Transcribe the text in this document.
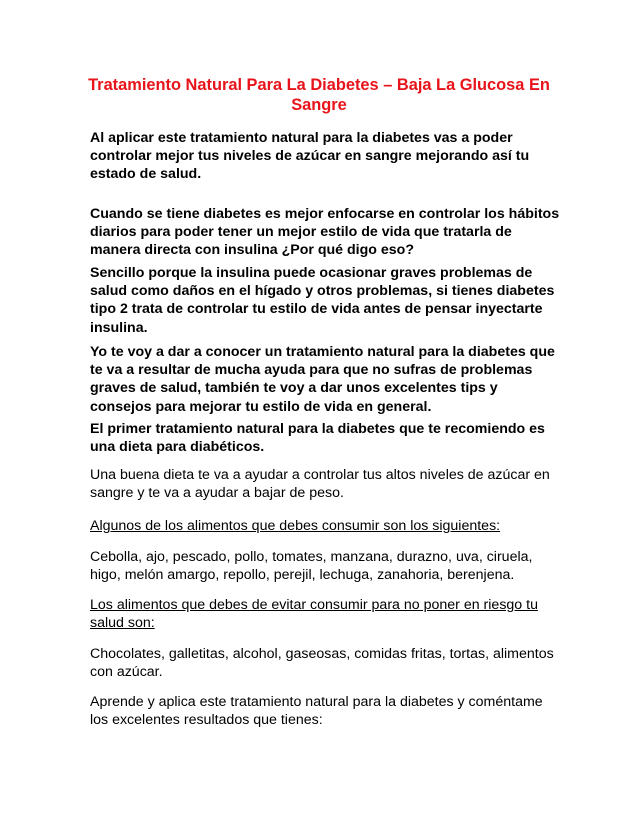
Tratamiento Natural Para La Diabetes – Baja La Glucosa En Sangre

Al aplicar este tratamiento natural para la diabetes vas a poder controlar mejor tus niveles de azúcar en sangre mejorando así tu estado de salud.

Cuando se tiene diabetes es mejor enfocarse en controlar los hábitos diarios para poder tener un mejor estilo de vida que tratarla de manera directa con insulina ¿Por qué digo eso?

Sencillo porque la insulina puede ocasionar graves problemas de salud como daños en el hígado y otros problemas, si tienes diabetes tipo 2 trata de controlar tu estilo de vida antes de pensar inyectarte insulina.

Yo te voy a dar a conocer un tratamiento natural para la diabetes que te va a resultar de mucha ayuda para que no sufras de problemas graves de salud, también te voy a dar unos excelentes tips y consejos para mejorar tu estilo de vida en general.

El primer tratamiento natural para la diabetes que te recomiendo es una dieta para diabéticos.

Una buena dieta te va a ayudar a controlar tus altos niveles de azúcar en sangre y te va a ayudar a bajar de peso.

Algunos de los alimentos que debes consumir son los siguientes:

Cebolla, ajo, pescado, pollo, tomates, manzana, durazno, uva, ciruela, higo, melón amargo, repollo, perejil, lechuga, zanahoria, berenjena.

Los alimentos que debes de evitar consumir para no poner en riesgo tu salud son:

Chocolates, galletitas, alcohol, gaseosas, comidas fritas, tortas, alimentos con azúcar.

Aprende y aplica este tratamiento natural para la diabetes y coméntame los excelentes resultados que tienes:
